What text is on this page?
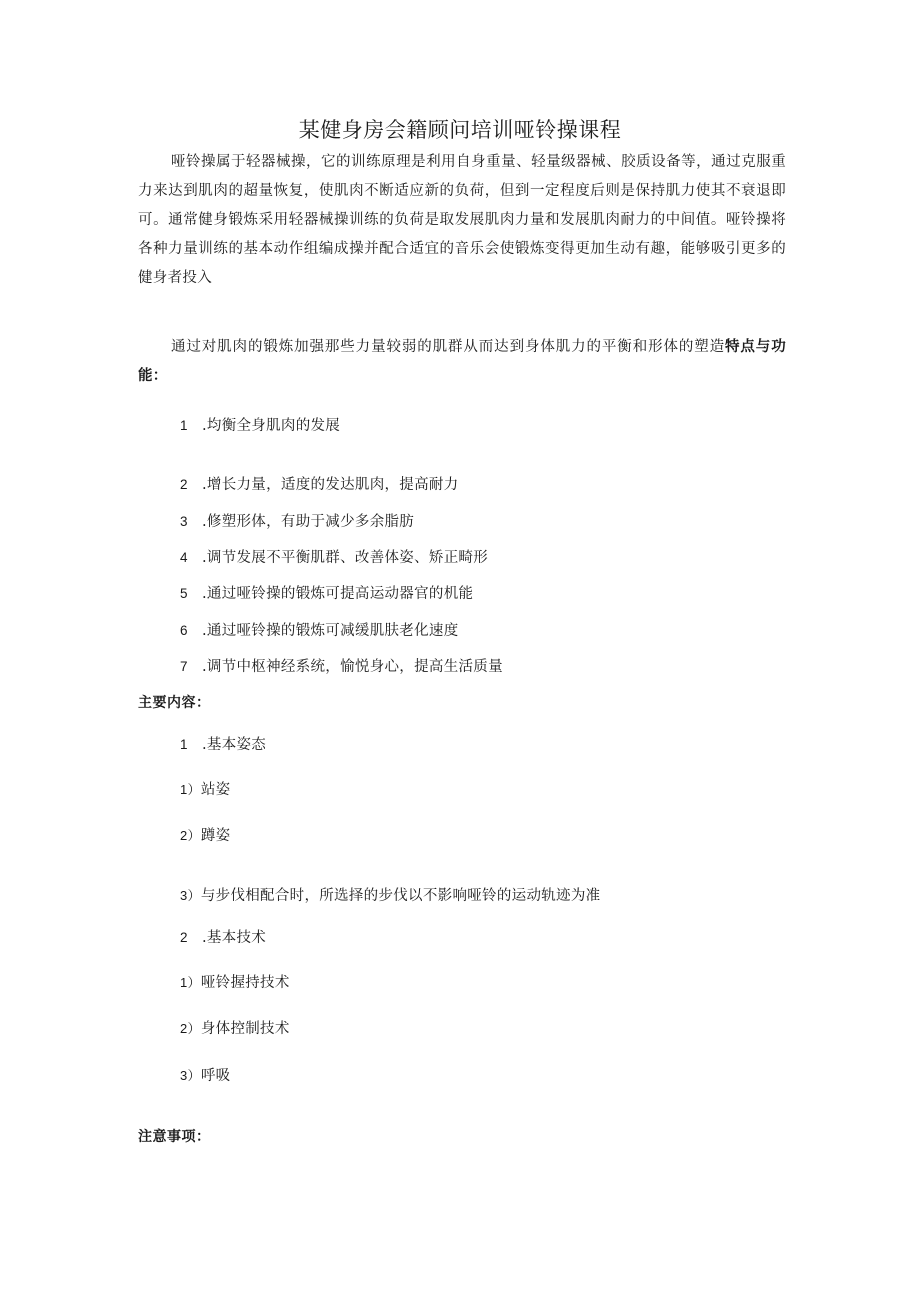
某健身房会籍顾问培训哑铃操课程
哑铃操属于轻器械操，它的训练原理是利用自身重量、轻量级器械、胶质设备等，通过克服重力来达到肌肉的超量恢复，使肌肉不断适应新的负荷，但到一定程度后则是保持肌力使其不衰退即可。通常健身锻炼采用轻器械操训练的负荷是取发展肌肉力量和发展肌肉耐力的中间值。哑铃操将各种力量训练的基本动作组编成操并配合适宜的音乐会使锻炼变得更加生动有趣，能够吸引更多的健身者投入
通过对肌肉的锻炼加强那些力量较弱的肌群从而达到身体肌力的平衡和形体的塑造特点与功能：
1 .均衡全身肌肉的发展
2 .增长力量，适度的发达肌肉，提高耐力
3 .修塑形体，有助于减少多余脂肪
4 .调节发展不平衡肌群、改善体姿、矫正畸形
5 .通过哑铃操的锻炼可提高运动器官的机能
6 .通过哑铃操的锻炼可减缓肌肤老化速度
7 .调节中枢神经系统，愉悦身心，提高生活质量
主要内容：
1 .基本姿态
1）站姿
2）蹲姿
3）与步伐相配合时，所选择的步伐以不影响哑铃的运动轨迹为准
2 .基本技术
1）哑铃握持技术
2）身体控制技术
3）呼吸
注意事项：
